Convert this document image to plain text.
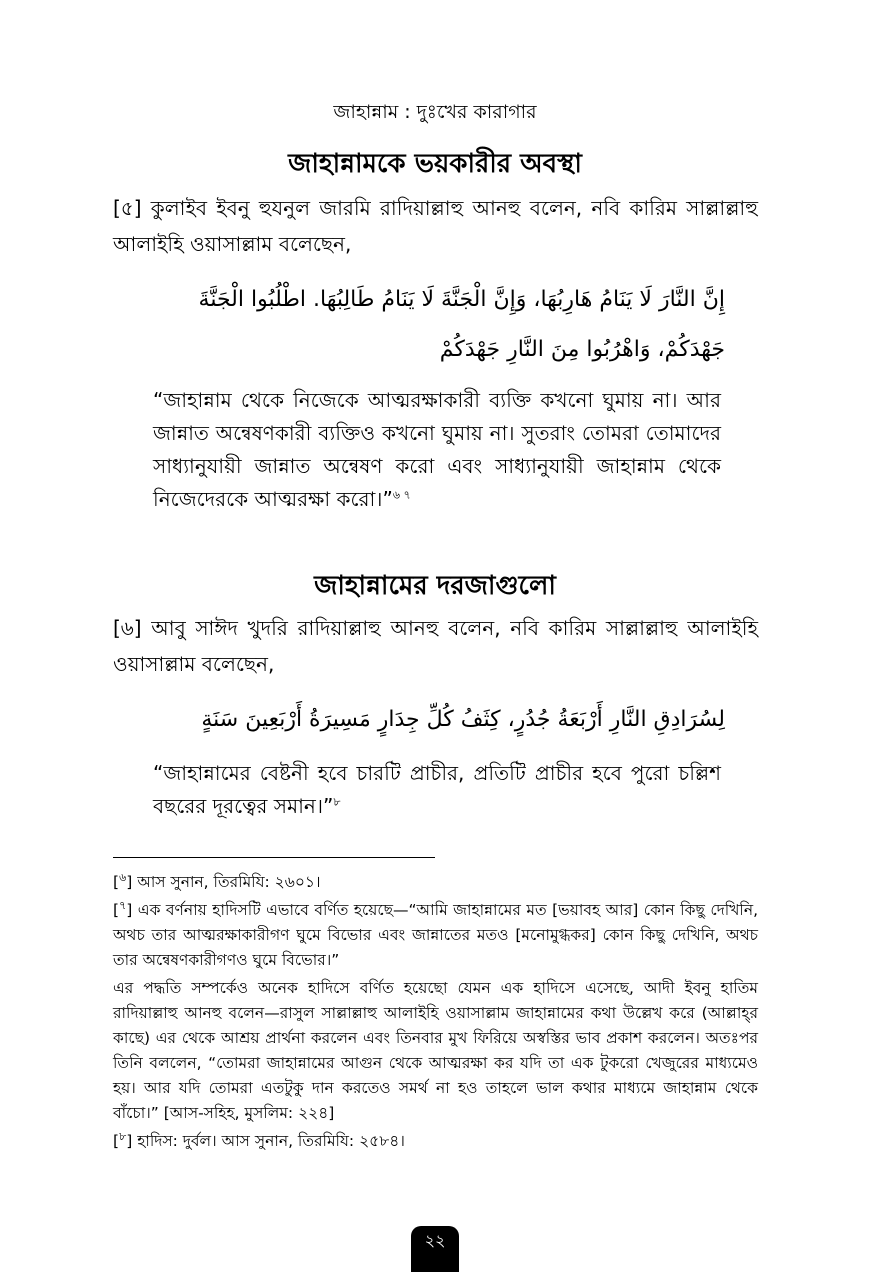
জাহান্নাম : দুঃখের কারাগার
জাহান্নামকে ভয়কারীর অবস্থা
[৫] কুলাইব ইবনু হুযনুল জারমি রাদিয়াল্লাহু আনহু বলেন, নবি কারিম সাল্লাল্লাহু আলাইহি ওয়াসাল্লাম বলেছেন,
إِنَّ النَّارَ لَا يَنَامُ هَارِبُهَا، وَإِنَّ الْجَنَّةَ لَا يَنَامُ طَالِبُهَا. اطْلُبُوا الْجَنَّةَ
جَهْدَكُمْ، وَاهْرُبُوا مِنَ النَّارِ جَهْدَكُمْ
“জাহান্নাম থেকে নিজেকে আত্মরক্ষাকারী ব্যক্তি কখনো ঘুমায় না। আর জান্নাত অন্বেষণকারী ব্যক্তিও কখনো ঘুমায় না। সুতরাং তোমরা তোমাদের সাধ্যানুযায়ী জান্নাত অন্বেষণ করো এবং সাধ্যানুযায়ী জাহান্নাম থেকে নিজেদেরকে আত্মরক্ষা করো।”$^{৬ ৭}$
জাহান্নামের দরজাগুলো
[৬] আবু সাঈদ খুদরি রাদিয়াল্লাহু আনহু বলেন, নবি কারিম সাল্লাল্লাহু আলাইহি ওয়াসাল্লাম বলেছেন,
لِسُرَادِقِ النَّارِ أَرْبَعَةُ جُدُرٍ، كِثَفُ كُلِّ جِدَارٍ مَسِيرَةُ أَرْبَعِينَ سَنَةٍ
“জাহান্নামের বেষ্টনী হবে চারটি প্রাচীর, প্রতিটি প্রাচীর হবে পুরো চল্লিশ বছরের দূরত্বের সমান।”$^৮$

[$^৬$] আস সুনান, তিরমিযি: ২৬০১।

[$^৭$] এক বর্ণনায় হাদিসটি এভাবে বর্ণিত হয়েছে—“আমি জাহান্নামের মত [ভয়াবহ আর] কোন কিছু দেখিনি, অথচ তার আত্মরক্ষাকারীগণ ঘুমে বিভোর এবং জান্নাতের মতও [মনোমুগ্ধকর] কোন কিছু দেখিনি, অথচ তার অন্বেষণকারীগণও ঘুমে বিভোর।”

এর পদ্ধতি সম্পর্কেও অনেক হাদিসে বর্ণিত হয়েছো যেমন এক হাদিসে এসেছে, আদী ইবনু হাতিম রাদিয়াল্লাহু আনহু বলেন—রাসুল সাল্লাল্লাহু আলাইহি ওয়াসাল্লাম জাহান্নামের কথা উল্লেখ করে (আল্লাহ্‌র কাছে) এর থেকে আশ্রয় প্রার্থনা করলেন এবং তিনবার মুখ ফিরিয়ে অস্বস্তির ভাব প্রকাশ করলেন। অতঃপর তিনি বললেন, “তোমরা জাহান্নামের আগুন থেকে আত্মরক্ষা কর যদি তা এক টুকরো খেজুরের মাধ্যমেও হয়। আর যদি তোমরা এতটুকু দান করতেও সমর্থ না হও তাহলে ভাল কথার মাধ্যমে জাহান্নাম থেকে বাঁচো।” [আস-সহিহ, মুসলিম: ২২৪]

[$^৮$] হাদিস: দুর্বল। আস সুনান, তিরমিযি: ২৫৮৪।

২২
